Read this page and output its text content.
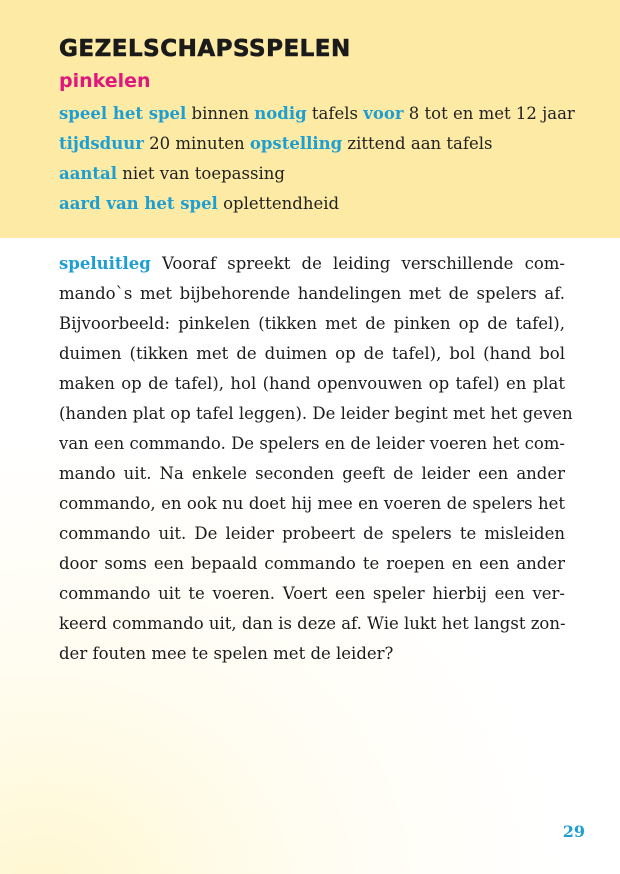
GEZELSCHAPSSPELEN
pinkelen
speel het spel binnen nodig tafels voor 8 tot en met 12 jaar
tijdsduur 20 minuten opstelling zittend aan tafels
aantal niet van toepassing
aard van het spel oplettendheid

speluitleg Vooraf spreekt de leiding verschillende com-
mando`s met bijbehorende handelingen met de spelers af.
Bijvoorbeeld: pinkelen (tikken met de pinken op de tafel),
duimen (tikken met de duimen op de tafel), bol (hand bol
maken op de tafel), hol (hand openvouwen op tafel) en plat
(handen plat op tafel leggen). De leider begint met het geven
van een commando. De spelers en de leider voeren het com-
mando uit. Na enkele seconden geeft de leider een ander
commando, en ook nu doet hij mee en voeren de spelers het
commando uit. De leider probeert de spelers te misleiden
door soms een bepaald commando te roepen en een ander
commando uit te voeren. Voert een speler hierbij een ver-
keerd commando uit, dan is deze af. Wie lukt het langst zon-
der fouten mee te spelen met de leider?

29
